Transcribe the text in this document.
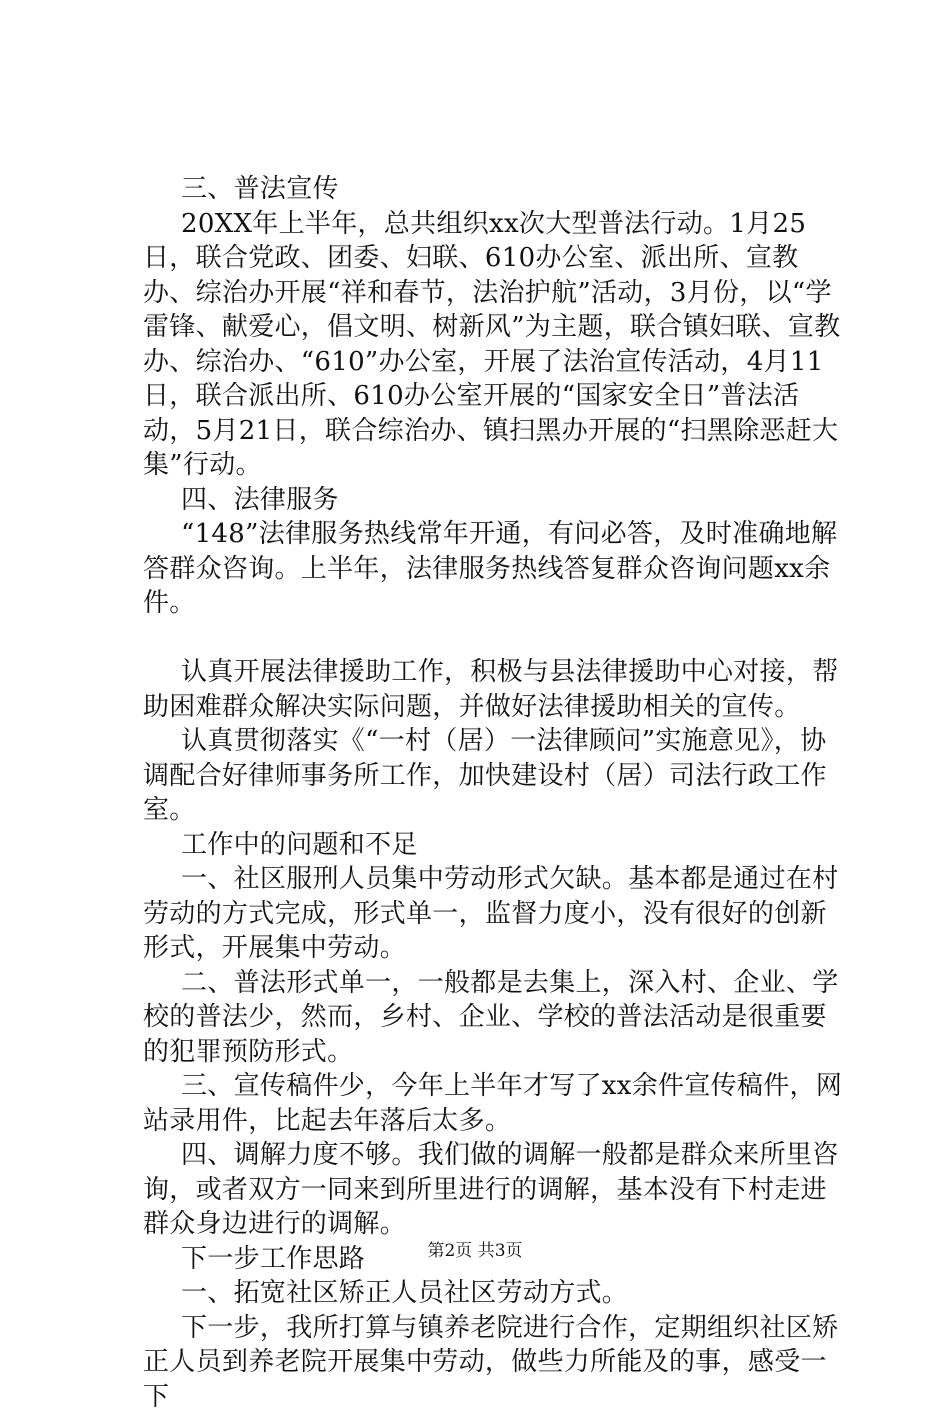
三、普法宣传

20XX年上半年，总共组织xx次大型普法行动。1月25日，联合党政、团委、妇联、610办公室、派出所、宣教办、综治办开展“祥和春节，法治护航”活动，3月份，以“学雷锋、献爱心，倡文明、树新风”为主题，联合镇妇联、宣教办、综治办、“610”办公室，开展了法治宣传活动，4月11日，联合派出所、610办公室开展的“国家安全日”普法活动，5月21日，联合综治办、镇扫黑办开展的“扫黑除恶赶大集”行动。

四、法律服务

“148”法律服务热线常年开通，有问必答，及时准确地解答群众咨询。上半年，法律服务热线答复群众咨询问题xx余件。

认真开展法律援助工作，积极与县法律援助中心对接，帮助困难群众解决实际问题，并做好法律援助相关的宣传。

认真贯彻落实《“一村（居）一法律顾问”实施意见》，协调配合好律师事务所工作，加快建设村（居）司法行政工作室。

工作中的问题和不足

一、社区服刑人员集中劳动形式欠缺。基本都是通过在村劳动的方式完成，形式单一，监督力度小，没有很好的创新形式，开展集中劳动。

二、普法形式单一，一般都是去集上，深入村、企业、学校的普法少，然而，乡村、企业、学校的普法活动是很重要的犯罪预防形式。

三、宣传稿件少，今年上半年才写了xx余件宣传稿件，网站录用件，比起去年落后太多。

四、调解力度不够。我们做的调解一般都是群众来所里咨询，或者双方一同来到所里进行的调解，基本没有下村走进群众身边进行的调解。

下一步工作思路

一、拓宽社区矫正人员社区劳动方式。

下一步，我所打算与镇养老院进行合作，定期组织社区矫正人员到养老院开展集中劳动，做些力所能及的事，感受一下

第2页 共3页
